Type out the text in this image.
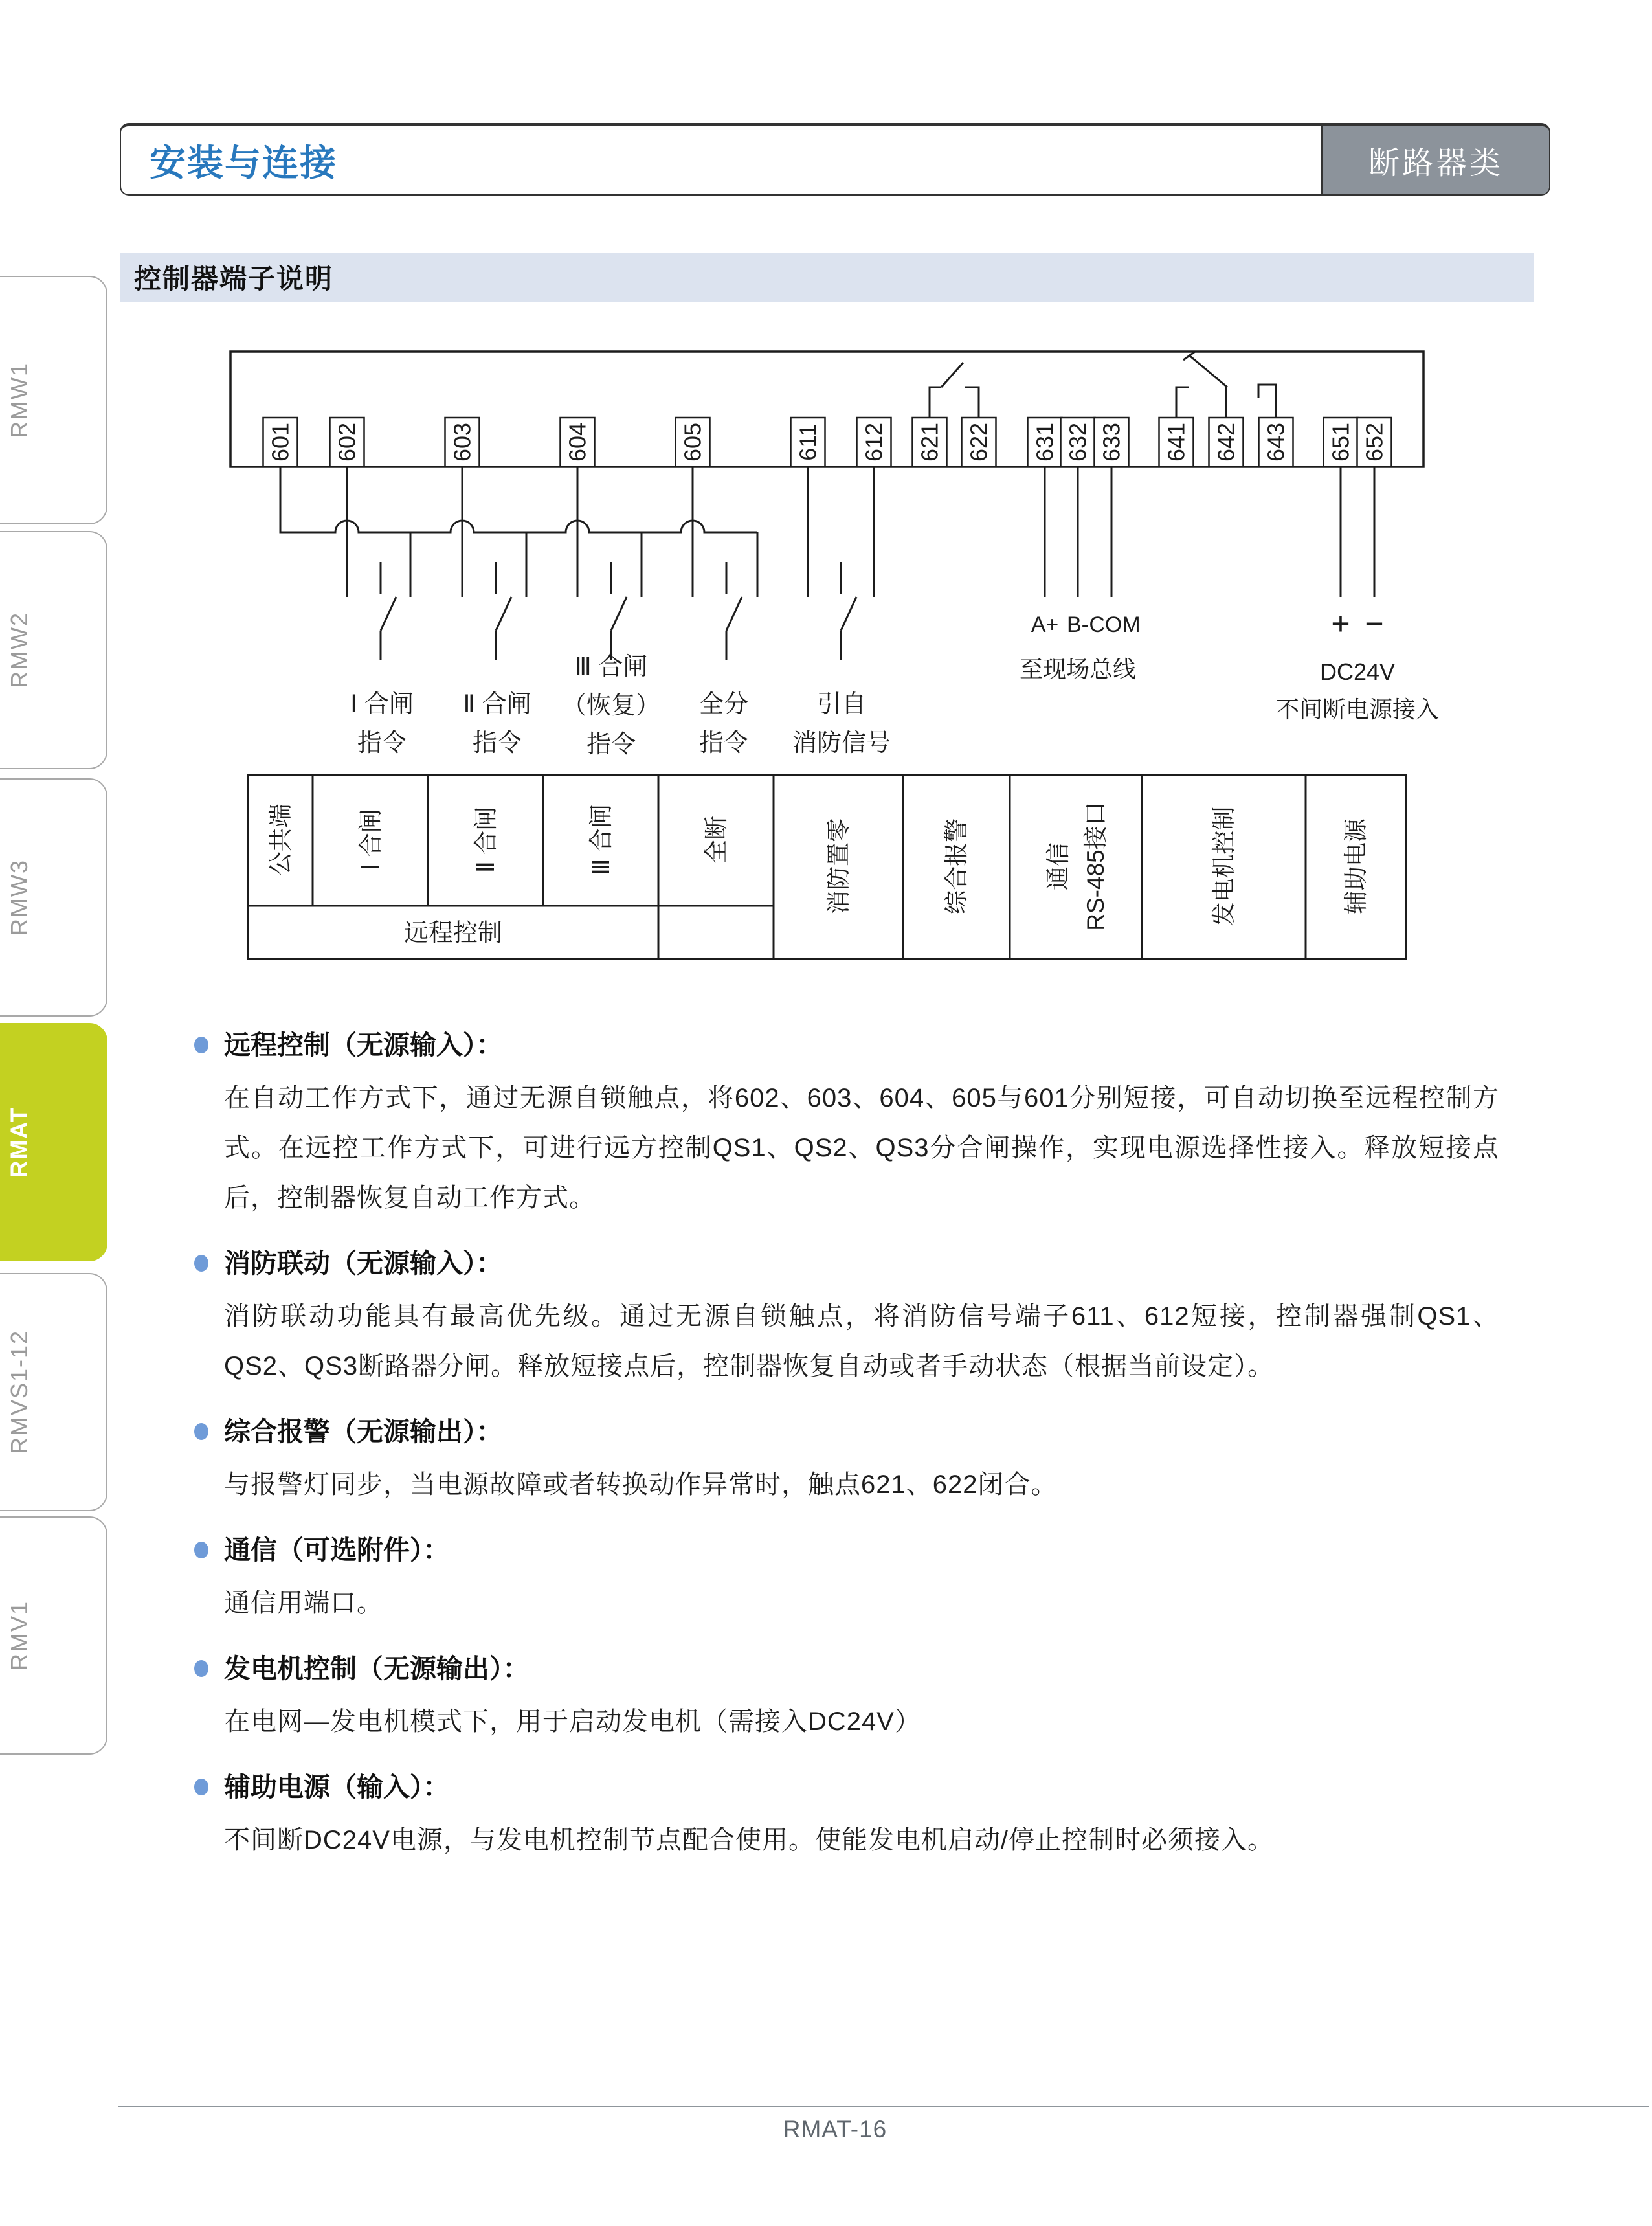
RMW1
RMW2
RMW3
RMAT
RMVS1-12
RMV1
安装与连接	断路器类
控制器端子说明
601 602	603	604	605	611 612 621 622 631 632 633 641 642 643 651 652
Ⅰ 合闸
指令
Ⅱ 合闸
指令
Ⅲ 合闸
（恢复）
指令
全分
指令
引自
消防信号
A+ B- COM
至现场总线
+ −
DC24V
不间断电源接入
公共端	Ⅰ 合闸	Ⅱ 合闸	Ⅲ 合闸	全断	消防置零	综合报警	通信 RS-485接口	发电机控制	辅助电源
远程控制
远程控制（无源输入）：

在自动工作方式下，通过无源自锁触点，将602、603、604、605与601分别短接，可自动切换至远程控制方式。在远控工作方式下，可进行远方控制QS1、QS2、QS3分合闸操作，实现电源选择性接入。释放短接点后，控制器恢复自动工作方式。

消防联动（无源输入）：

消防联动功能具有最高优先级。通过无源自锁触点，将消防信号端子611、612短接，控制器强制QS1、QS2、QS3断路器分闸。释放短接点后，控制器恢复自动或者手动状态（根据当前设定）。

综合报警（无源输出）：

与报警灯同步，当电源故障或者转换动作异常时，触点621、622闭合。

通信（可选附件）：

通信用端口。

发电机控制（无源输出）：

在电网—发电机模式下，用于启动发电机（需接入DC24V）

辅助电源（输入）：

不间断DC24V电源，与发电机控制节点配合使用。使能发电机启动/停止控制时必须接入。

RMAT-16
